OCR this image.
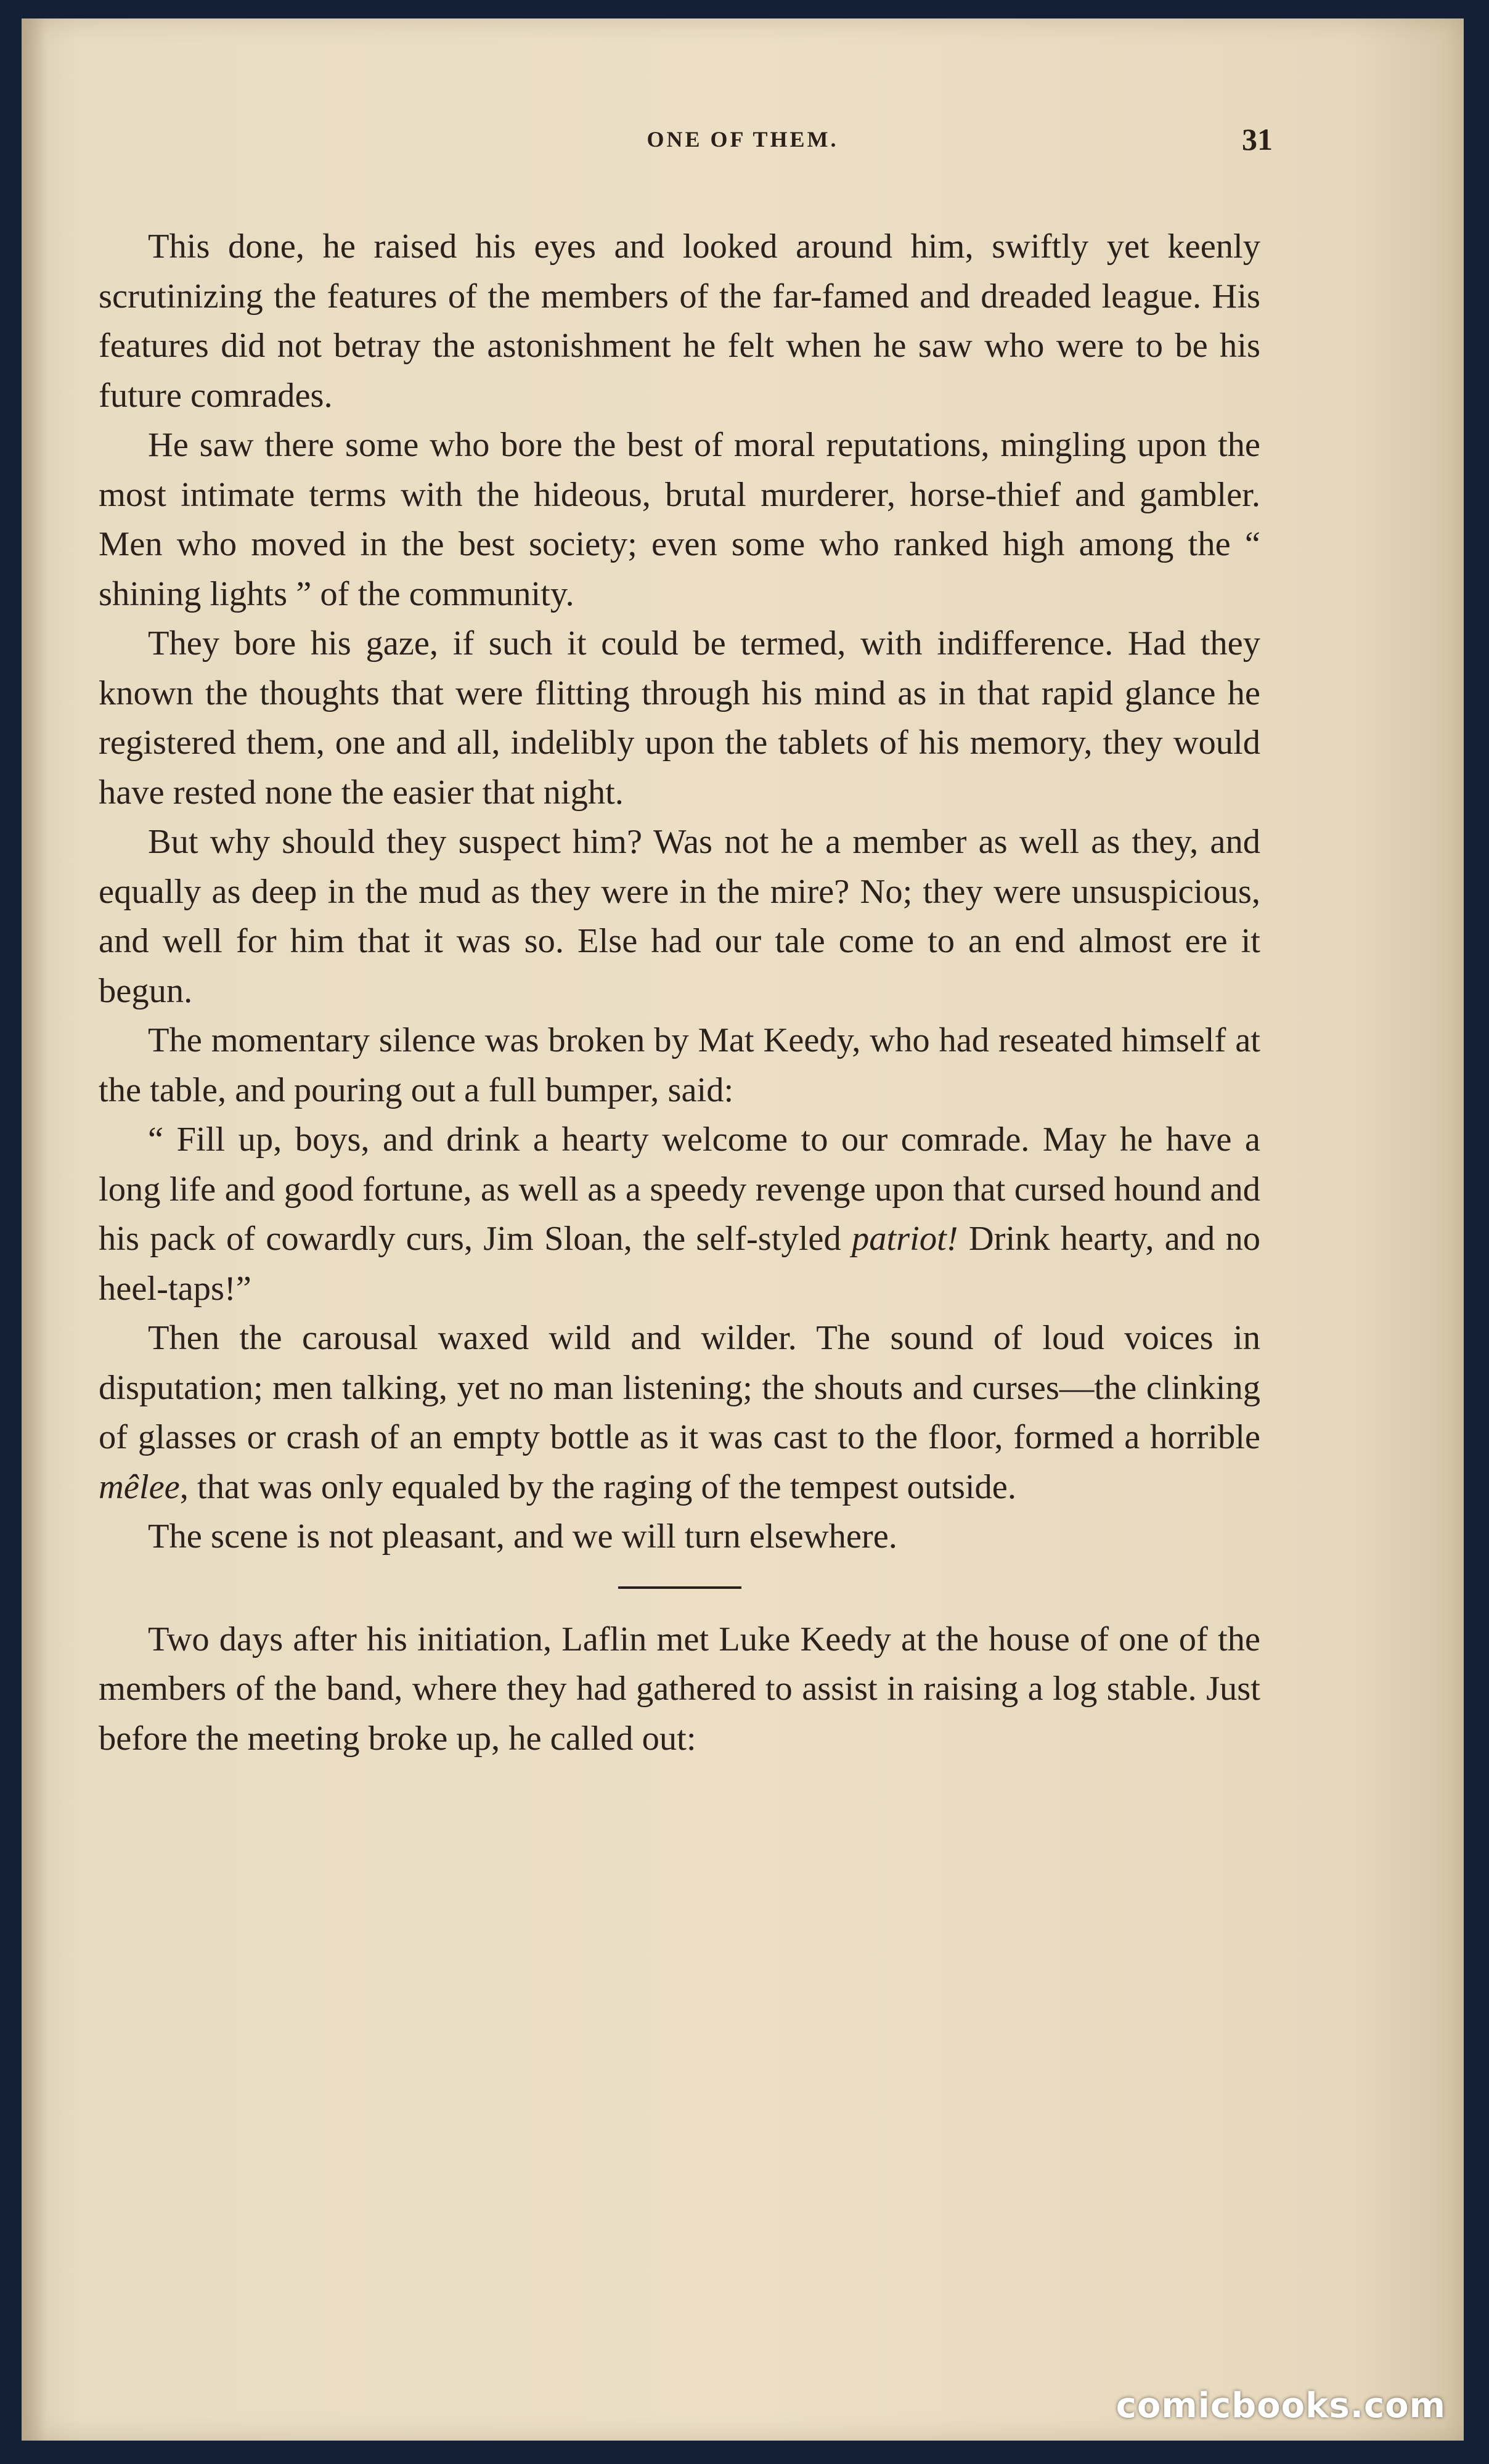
ONE OF THEM.	31

This done, he raised his eyes and looked around him, swiftly yet keenly scrutinizing the features of the members of the far-famed and dreaded league. His features did not betray the astonishment he felt when he saw who were to be his future comrades.

He saw there some who bore the best of moral reputations, mingling upon the most intimate terms with the hideous, brutal murderer, horse-thief and gambler. Men who moved in the best society; even some who ranked high among the “ shining lights ” of the community.

They bore his gaze, if such it could be termed, with indifference. Had they known the thoughts that were flitting through his mind as in that rapid glance he registered them, one and all, indelibly upon the tablets of his memory, they would have rested none the easier that night.

But why should they suspect him? Was not he a member as well as they, and equally as deep in the mud as they were in the mire? No; they were unsuspicious, and well for him that it was so. Else had our tale come to an end almost ere it begun.

The momentary silence was broken by Mat Keedy, who had reseated himself at the table, and pouring out a full bumper, said:

“ Fill up, boys, and drink a hearty welcome to our comrade. May he have a long life and good fortune, as well as a speedy revenge upon that cursed hound and his pack of cowardly curs, Jim Sloan, the self-styled patriot! Drink hearty, and no heel-taps!”

Then the carousal waxed wild and wilder. The sound of loud voices in disputation; men talking, yet no man listening; the shouts and curses—the clinking of glasses or crash of an empty bottle as it was cast to the floor, formed a horrible mêlee, that was only equaled by the raging of the tempest outside.

The scene is not pleasant, and we will turn elsewhere.

Two days after his initiation, Laflin met Luke Keedy at the house of one of the members of the band, where they had gathered to assist in raising a log stable. Just before the meeting broke up, he called out:

comicbooks.com
